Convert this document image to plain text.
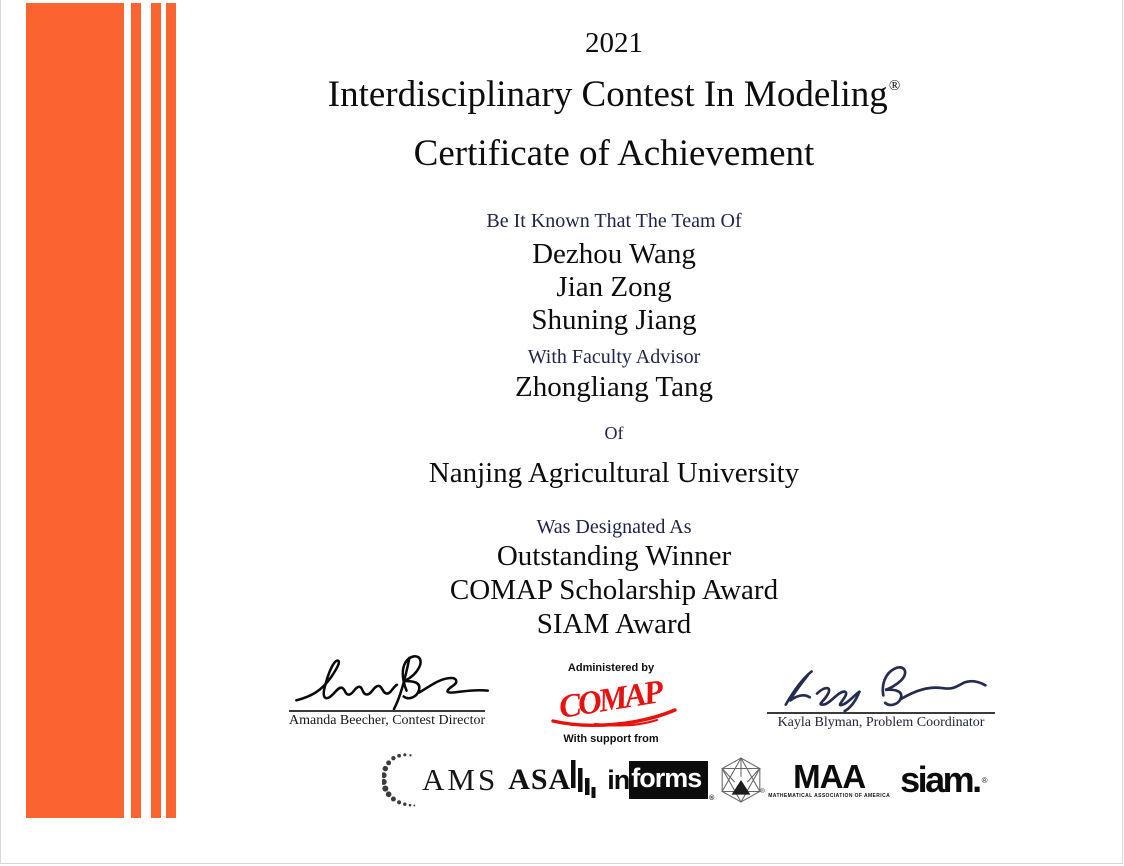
2021
Interdisciplinary Contest In Modeling®
Certificate of Achievement
Be It Known That The Team Of
Dezhou Wang
Jian Zong
Shuning Jiang
With Faculty Advisor
Zhongliang Tang
Of
Nanjing Agricultural University
Was Designated As
Outstanding Winner
COMAP Scholarship Award
SIAM Award
Amanda Beecher, Contest Director
Administered by
COMAP
With support from
Kayla Blyman, Problem Coordinator
AMS ASA in forms
®
® MAA
MATHEMATICAL ASSOCIATION OF AMERICA siam. ®
